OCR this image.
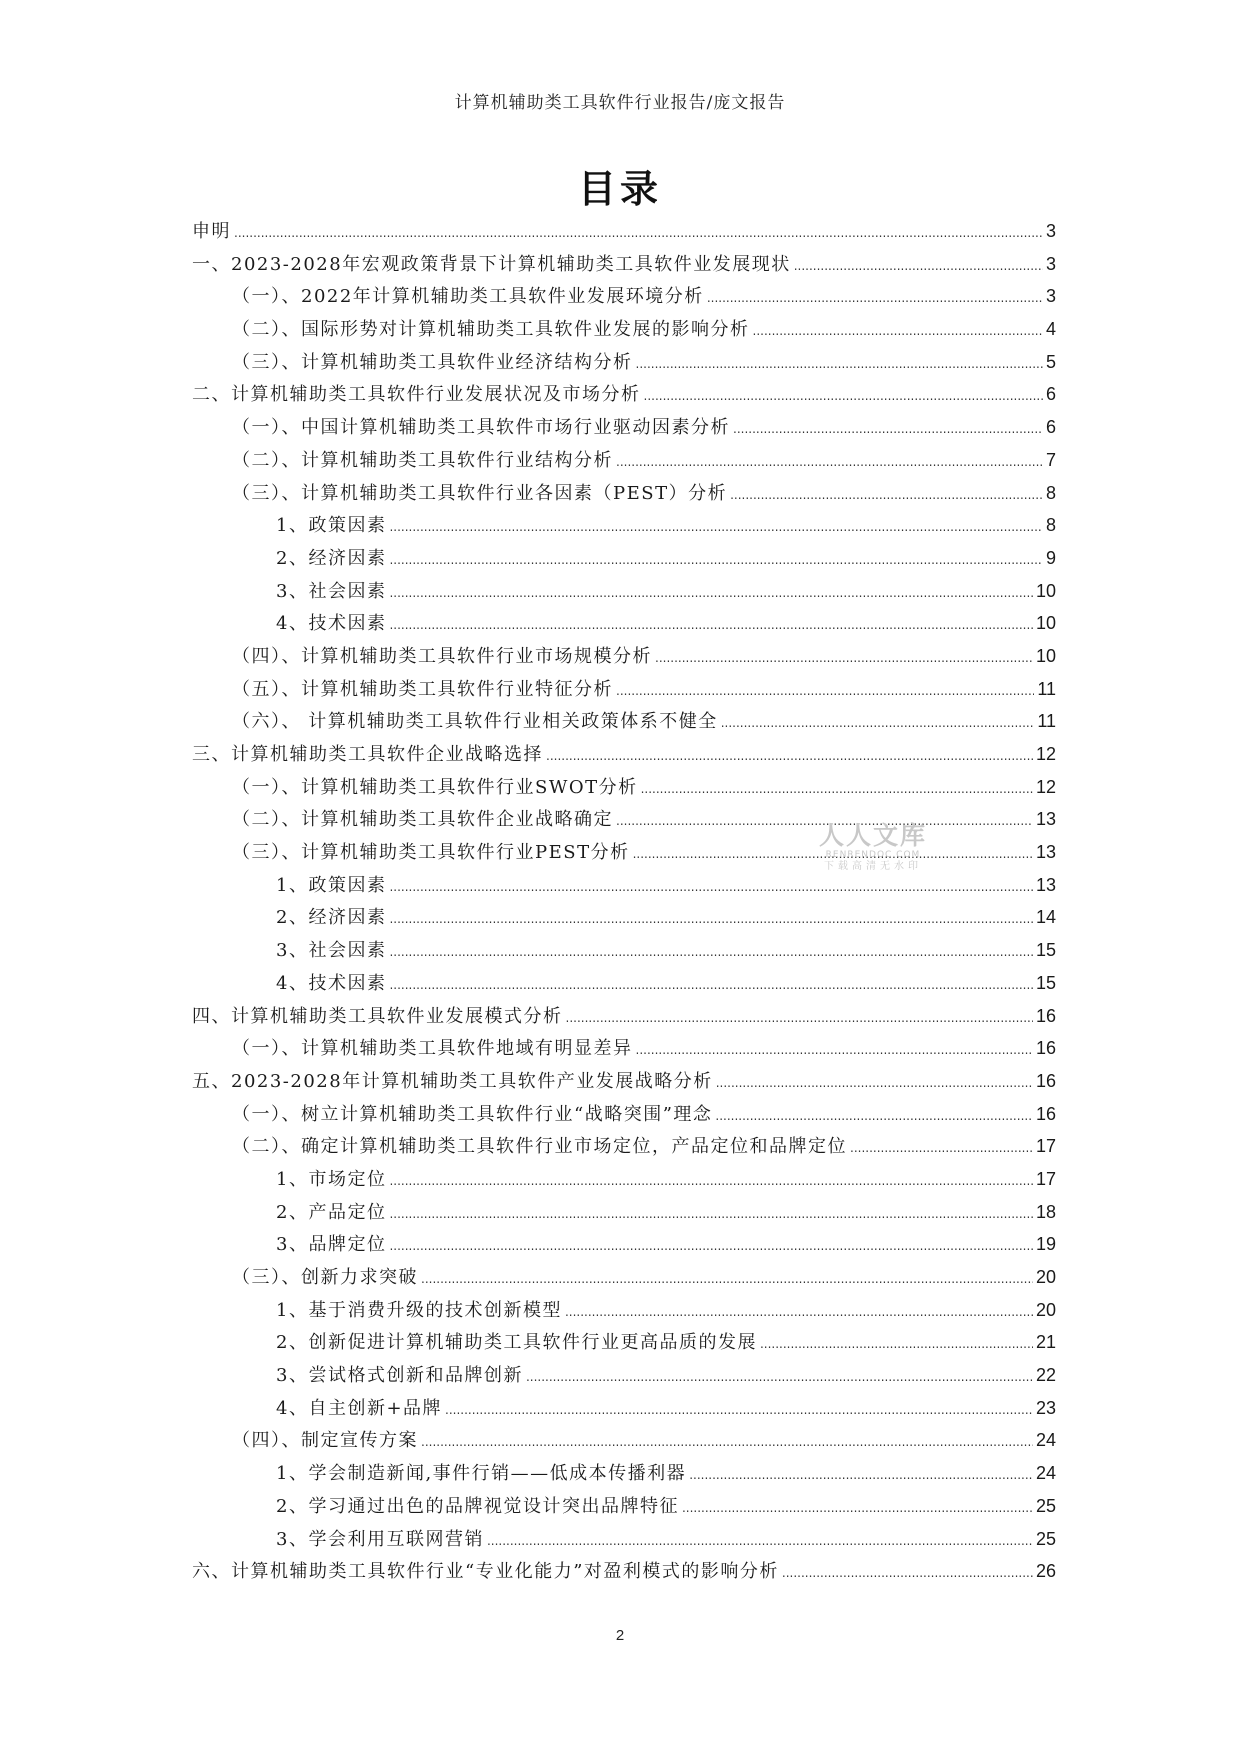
计算机辅助类工具软件行业报告/庞文报告
目录
申明 .....	3
一、2023-2028年宏观政策背景下计算机辅助类工具软件业发展现状 .....	3
（一）、2022年计算机辅助类工具软件业发展环境分析 .....	3
（二）、国际形势对计算机辅助类工具软件业发展的影响分析 .....	4
（三）、计算机辅助类工具软件业经济结构分析 .....	5
二、计算机辅助类工具软件行业发展状况及市场分析 .....	6
（一）、中国计算机辅助类工具软件市场行业驱动因素分析 .....	6
（二）、计算机辅助类工具软件行业结构分析 .....	7
（三）、计算机辅助类工具软件行业各因素（PEST）分析 .....	8
1、政策因素 .....	8
2、经济因素 .....	9
3、社会因素 .....	10
4、技术因素 .....	10
（四）、计算机辅助类工具软件行业市场规模分析 .....	10
（五）、计算机辅助类工具软件行业特征分析 .....	11
（六）、 计算机辅助类工具软件行业相关政策体系不健全 .....	11
三、计算机辅助类工具软件企业战略选择 .....	12
（一）、计算机辅助类工具软件行业SWOT分析 .....	12
（二）、计算机辅助类工具软件企业战略确定 .....	13
（三）、计算机辅助类工具软件行业PEST分析 .....	13
1、政策因素 .....	13
2、经济因素 .....	14
3、社会因素 .....	15
4、技术因素 .....	15
四、计算机辅助类工具软件业发展模式分析 .....	16
（一）、计算机辅助类工具软件地域有明显差异 .....	16
五、2023-2028年计算机辅助类工具软件产业发展战略分析 .....	16
（一）、树立计算机辅助类工具软件行业“战略突围”理念 .....	16
（二）、确定计算机辅助类工具软件行业市场定位，产品定位和品牌定位 .....	17
1、市场定位 .....	17
2、产品定位 .....	18
3、品牌定位 .....	19
（三）、创新力求突破 .....	20
1、基于消费升级的技术创新模型 .....	20
2、创新促进计算机辅助类工具软件行业更高品质的发展 .....	21
3、尝试格式创新和品牌创新 .....	22
4、自主创新+品牌 .....	23
（四）、制定宣传方案 .....	24
1、学会制造新闻,事件行销——低成本传播利器 .....	24
2、学习通过出色的品牌视觉设计突出品牌特征 .....	25
3、学会利用互联网营销 .....	25
六、计算机辅助类工具软件行业“专业化能力”对盈利模式的影响分析 .....	26
人人文库
RENRENDOC.COM
下载高清无水印
2
